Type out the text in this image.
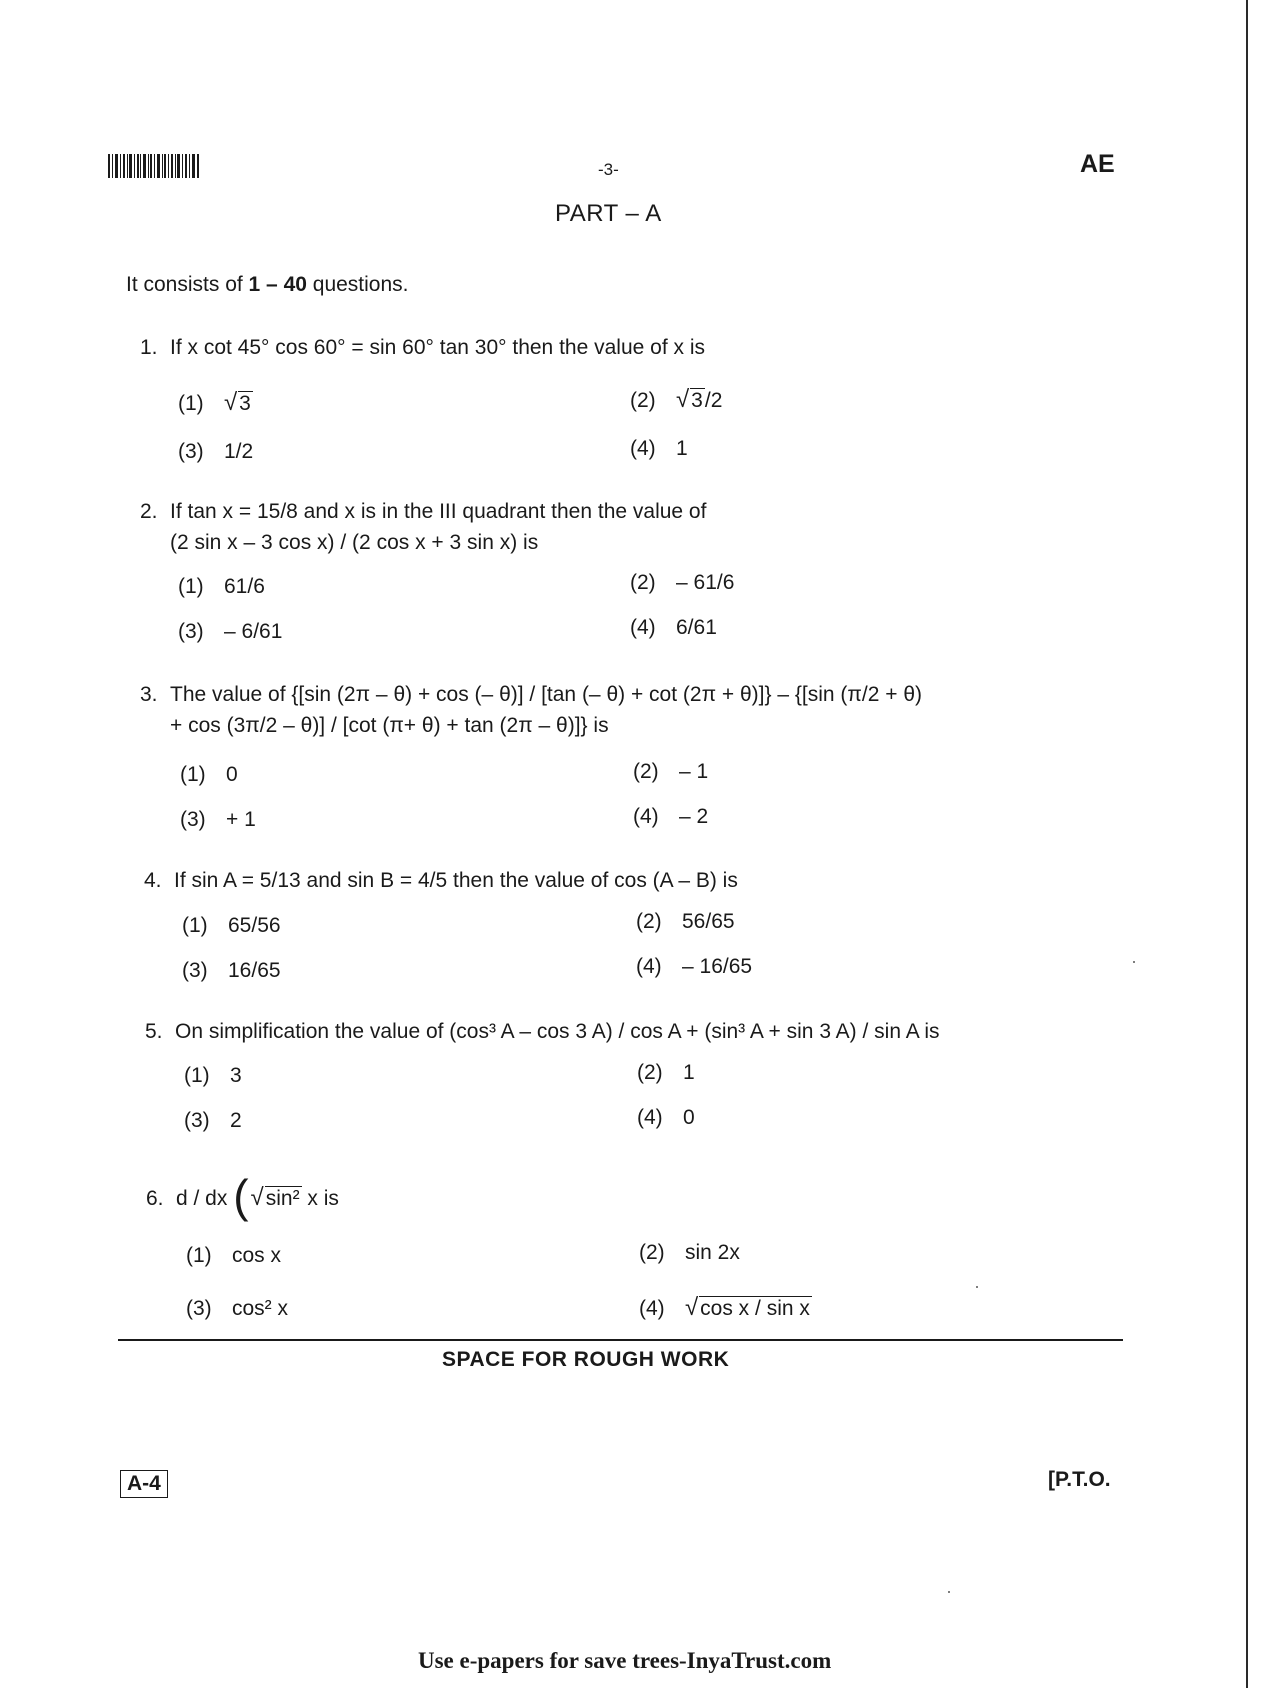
-3-	AE
PART – A
It consists of 1 – 40 questions.
1. If x cot 45° cos 60° = sin 60° tan 30° then the value of x is
(1) √3	(2) √3/2
(3) 1/2	(4) 1
2. If tan x = 15/8 and x is in the III quadrant then the value of
(2 sin x – 3 cos x) / (2 cos x + 3 sin x) is
(1) 61/6	(2) – 61/6
(3) – 6/61	(4) 6/61
3. The value of {[sin (2π – θ) + cos (– θ)] / [tan (– θ) + cot (2π + θ)]} – {[sin (π/2 + θ)
+ cos (3π/2 – θ)] / [cot (π+ θ) + tan (2π – θ)]} is
(1) 0	(2) – 1
(3) + 1	(4) – 2
4. If sin A = 5/13 and sin B = 4/5 then the value of cos (A – B) is
(1) 65/56	(2) 56/65
(3) 16/65	(4) – 16/65
5. On simplification the value of (cos³ A – cos 3 A) / cos A + (sin³ A + sin 3 A) / sin A is
(1) 3	(2) 1
(3) 2	(4) 0
6. d / dx (√sin² x is
(1) cos x	(2) sin 2x
(3) cos² x	(4) √cos x / sin x
SPACE FOR ROUGH WORK
A-4	[P.T.O.
Use e-papers for save trees-InyaTrust.com
